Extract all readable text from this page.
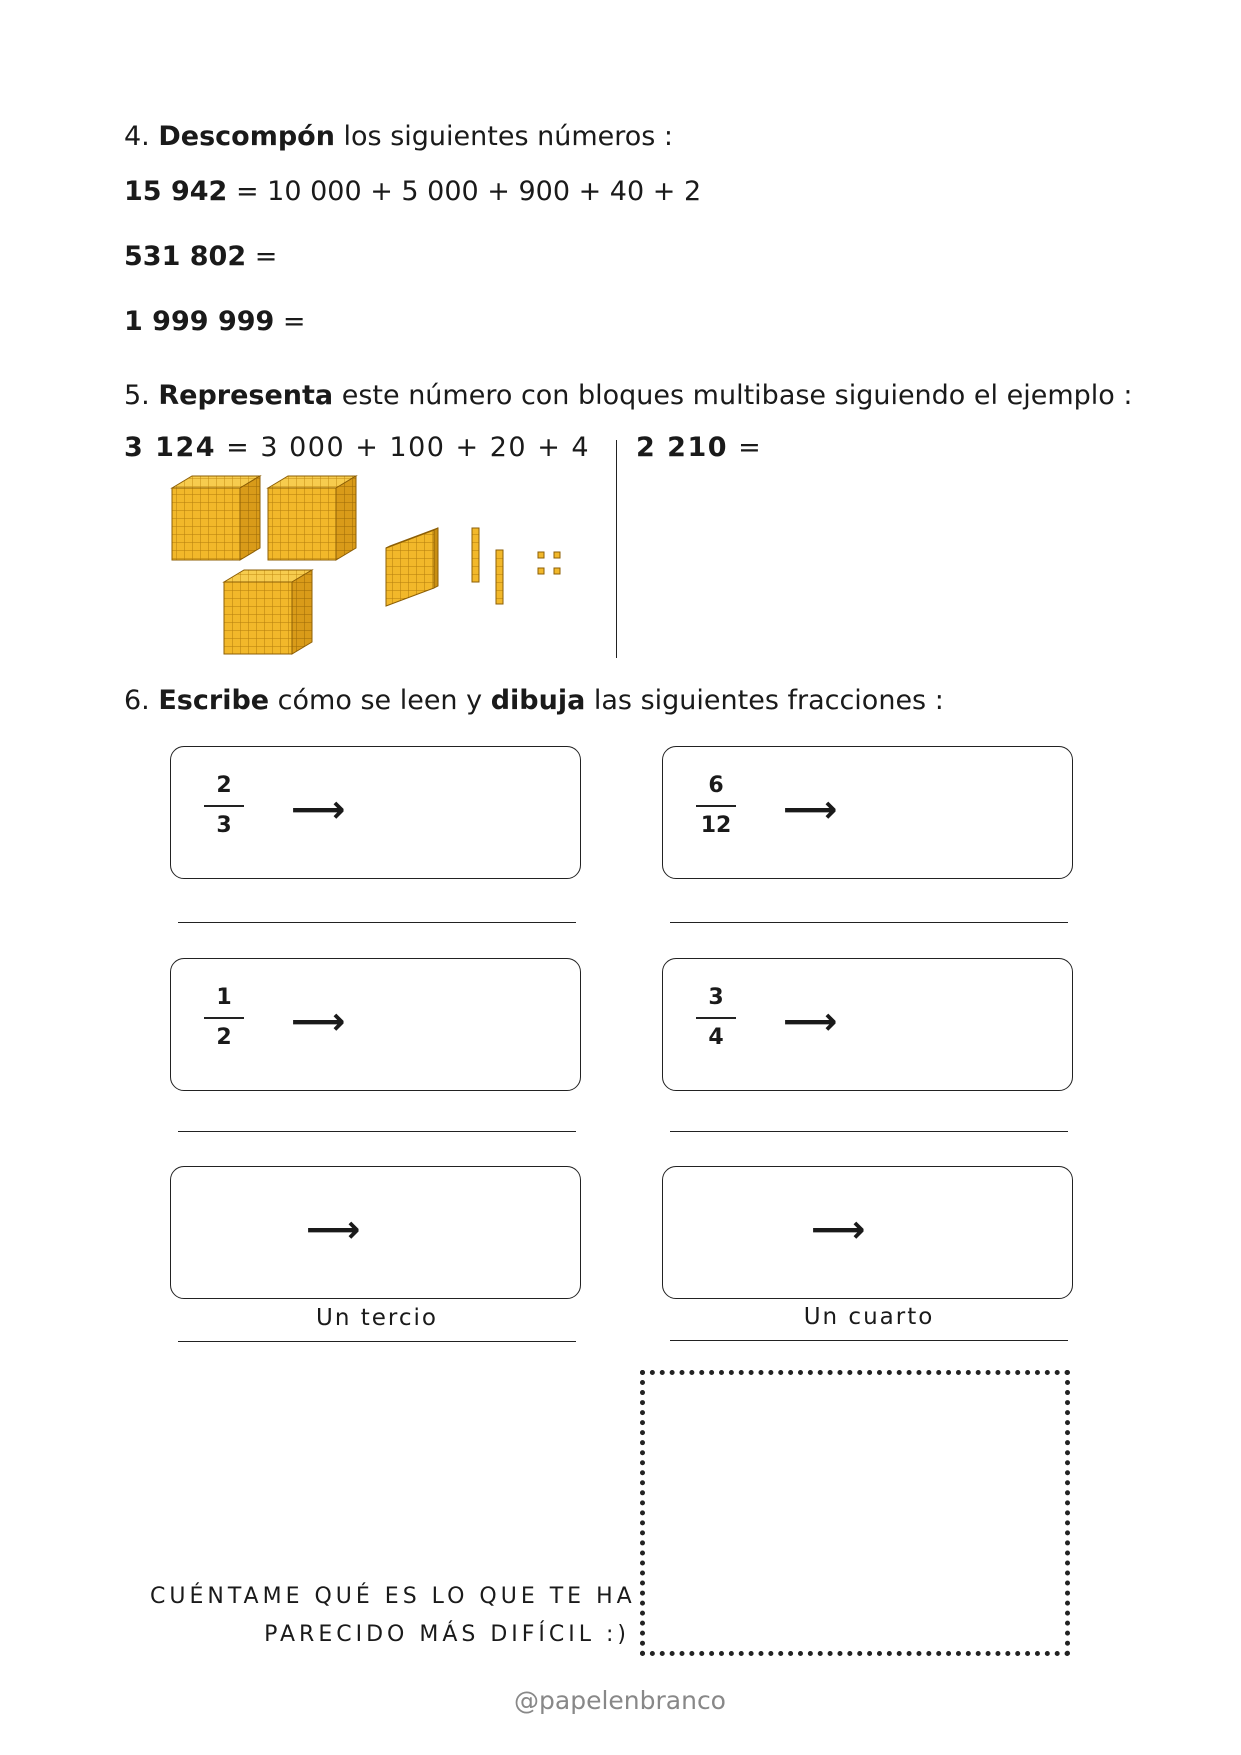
4. Descompón los siguientes números :
15 942 = 10 000 + 5 000 + 900 + 40 + 2
531 802 =
1 999 999 =
5. Representa este número con bloques multibase siguiendo el ejemplo :
3 124 = 3 000 + 100 + 20 + 4 2 210 =
6. Escribe cómo se leen y dibuja las siguientes fracciones :
2
3	⟶
6
12 ⟶
1
2	⟶
3
4	⟶
⟶
Un tercio
⟶
Un cuarto
CUÉNTAME QUÉ ES LO QUE TE HA
PARECIDO MÁS DIFÍCIL :)
@papelenbranco
